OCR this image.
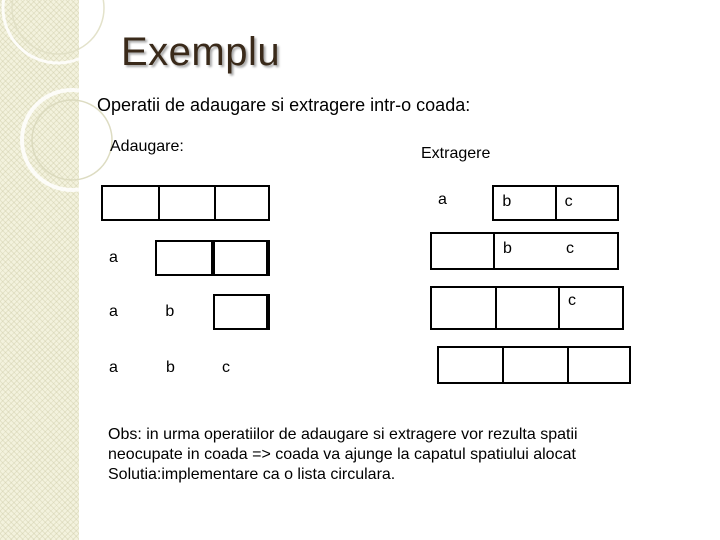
Exemplu
Operatii de adaugare si extragere intr-o coada:
Adaugare:	Extragere
a
a	b
a	b	c
a	b	c
b	c
c
Obs: in urma operatiilor de adaugare si extragere vor rezulta spatii
neocupate in coada => coada va ajunge la capatul spatiului alocat
Solutia:implementare ca o lista circulara.
